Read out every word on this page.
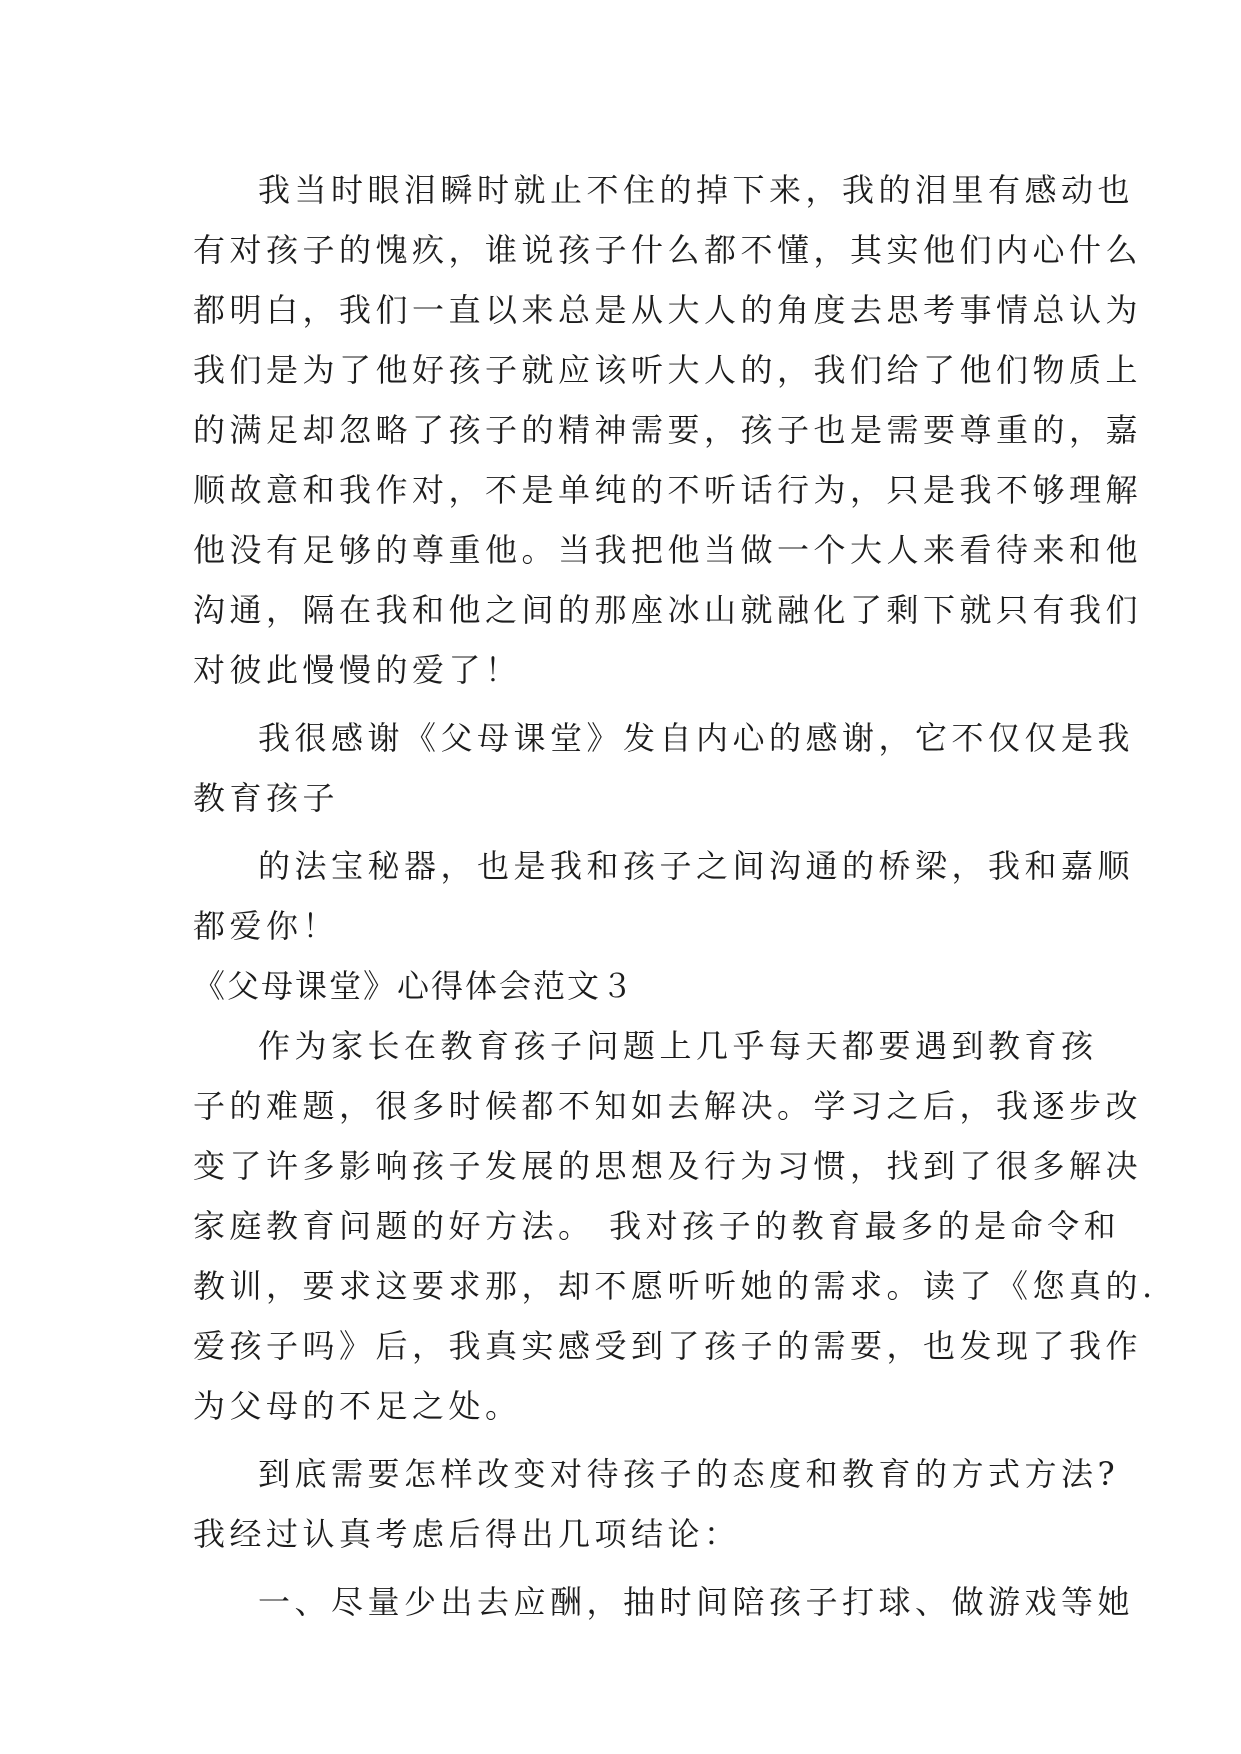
我当时眼泪瞬时就止不住的掉下来，我的泪里有感动也
有对孩子的愧疚，谁说孩子什么都不懂，其实他们内心什么
都明白，我们一直以来总是从大人的角度去思考事情总认为
我们是为了他好孩子就应该听大人的，我们给了他们物质上
的满足却忽略了孩子的精神需要，孩子也是需要尊重的，嘉
顺故意和我作对，不是单纯的不听话行为，只是我不够理解
他没有足够的尊重他。当我把他当做一个大人来看待来和他
沟通，隔在我和他之间的那座冰山就融化了剩下就只有我们
对彼此慢慢的爱了！
我很感谢《父母课堂》发自内心的感谢，它不仅仅是我
教育孩子
的法宝秘器，也是我和孩子之间沟通的桥梁，我和嘉顺
都爱你！
《父母课堂》心得体会范文３
作为家长在教育孩子问题上几乎每天都要遇到教育孩
子的难题，很多时候都不知如去解决。学习之后，我逐步改
变了许多影响孩子发展的思想及行为习惯，找到了很多解决
家庭教育问题的好方法。 我对孩子的教育最多的是命令和
教训，要求这要求那，却不愿听听她的需求。读了《您真的.
爱孩子吗》后，我真实感受到了孩子的需要，也发现了我作
为父母的不足之处。
到底需要怎样改变对待孩子的态度和教育的方式方法?
我经过认真考虑后得出几项结论：
一、尽量少出去应酬，抽时间陪孩子打球、做游戏等她
